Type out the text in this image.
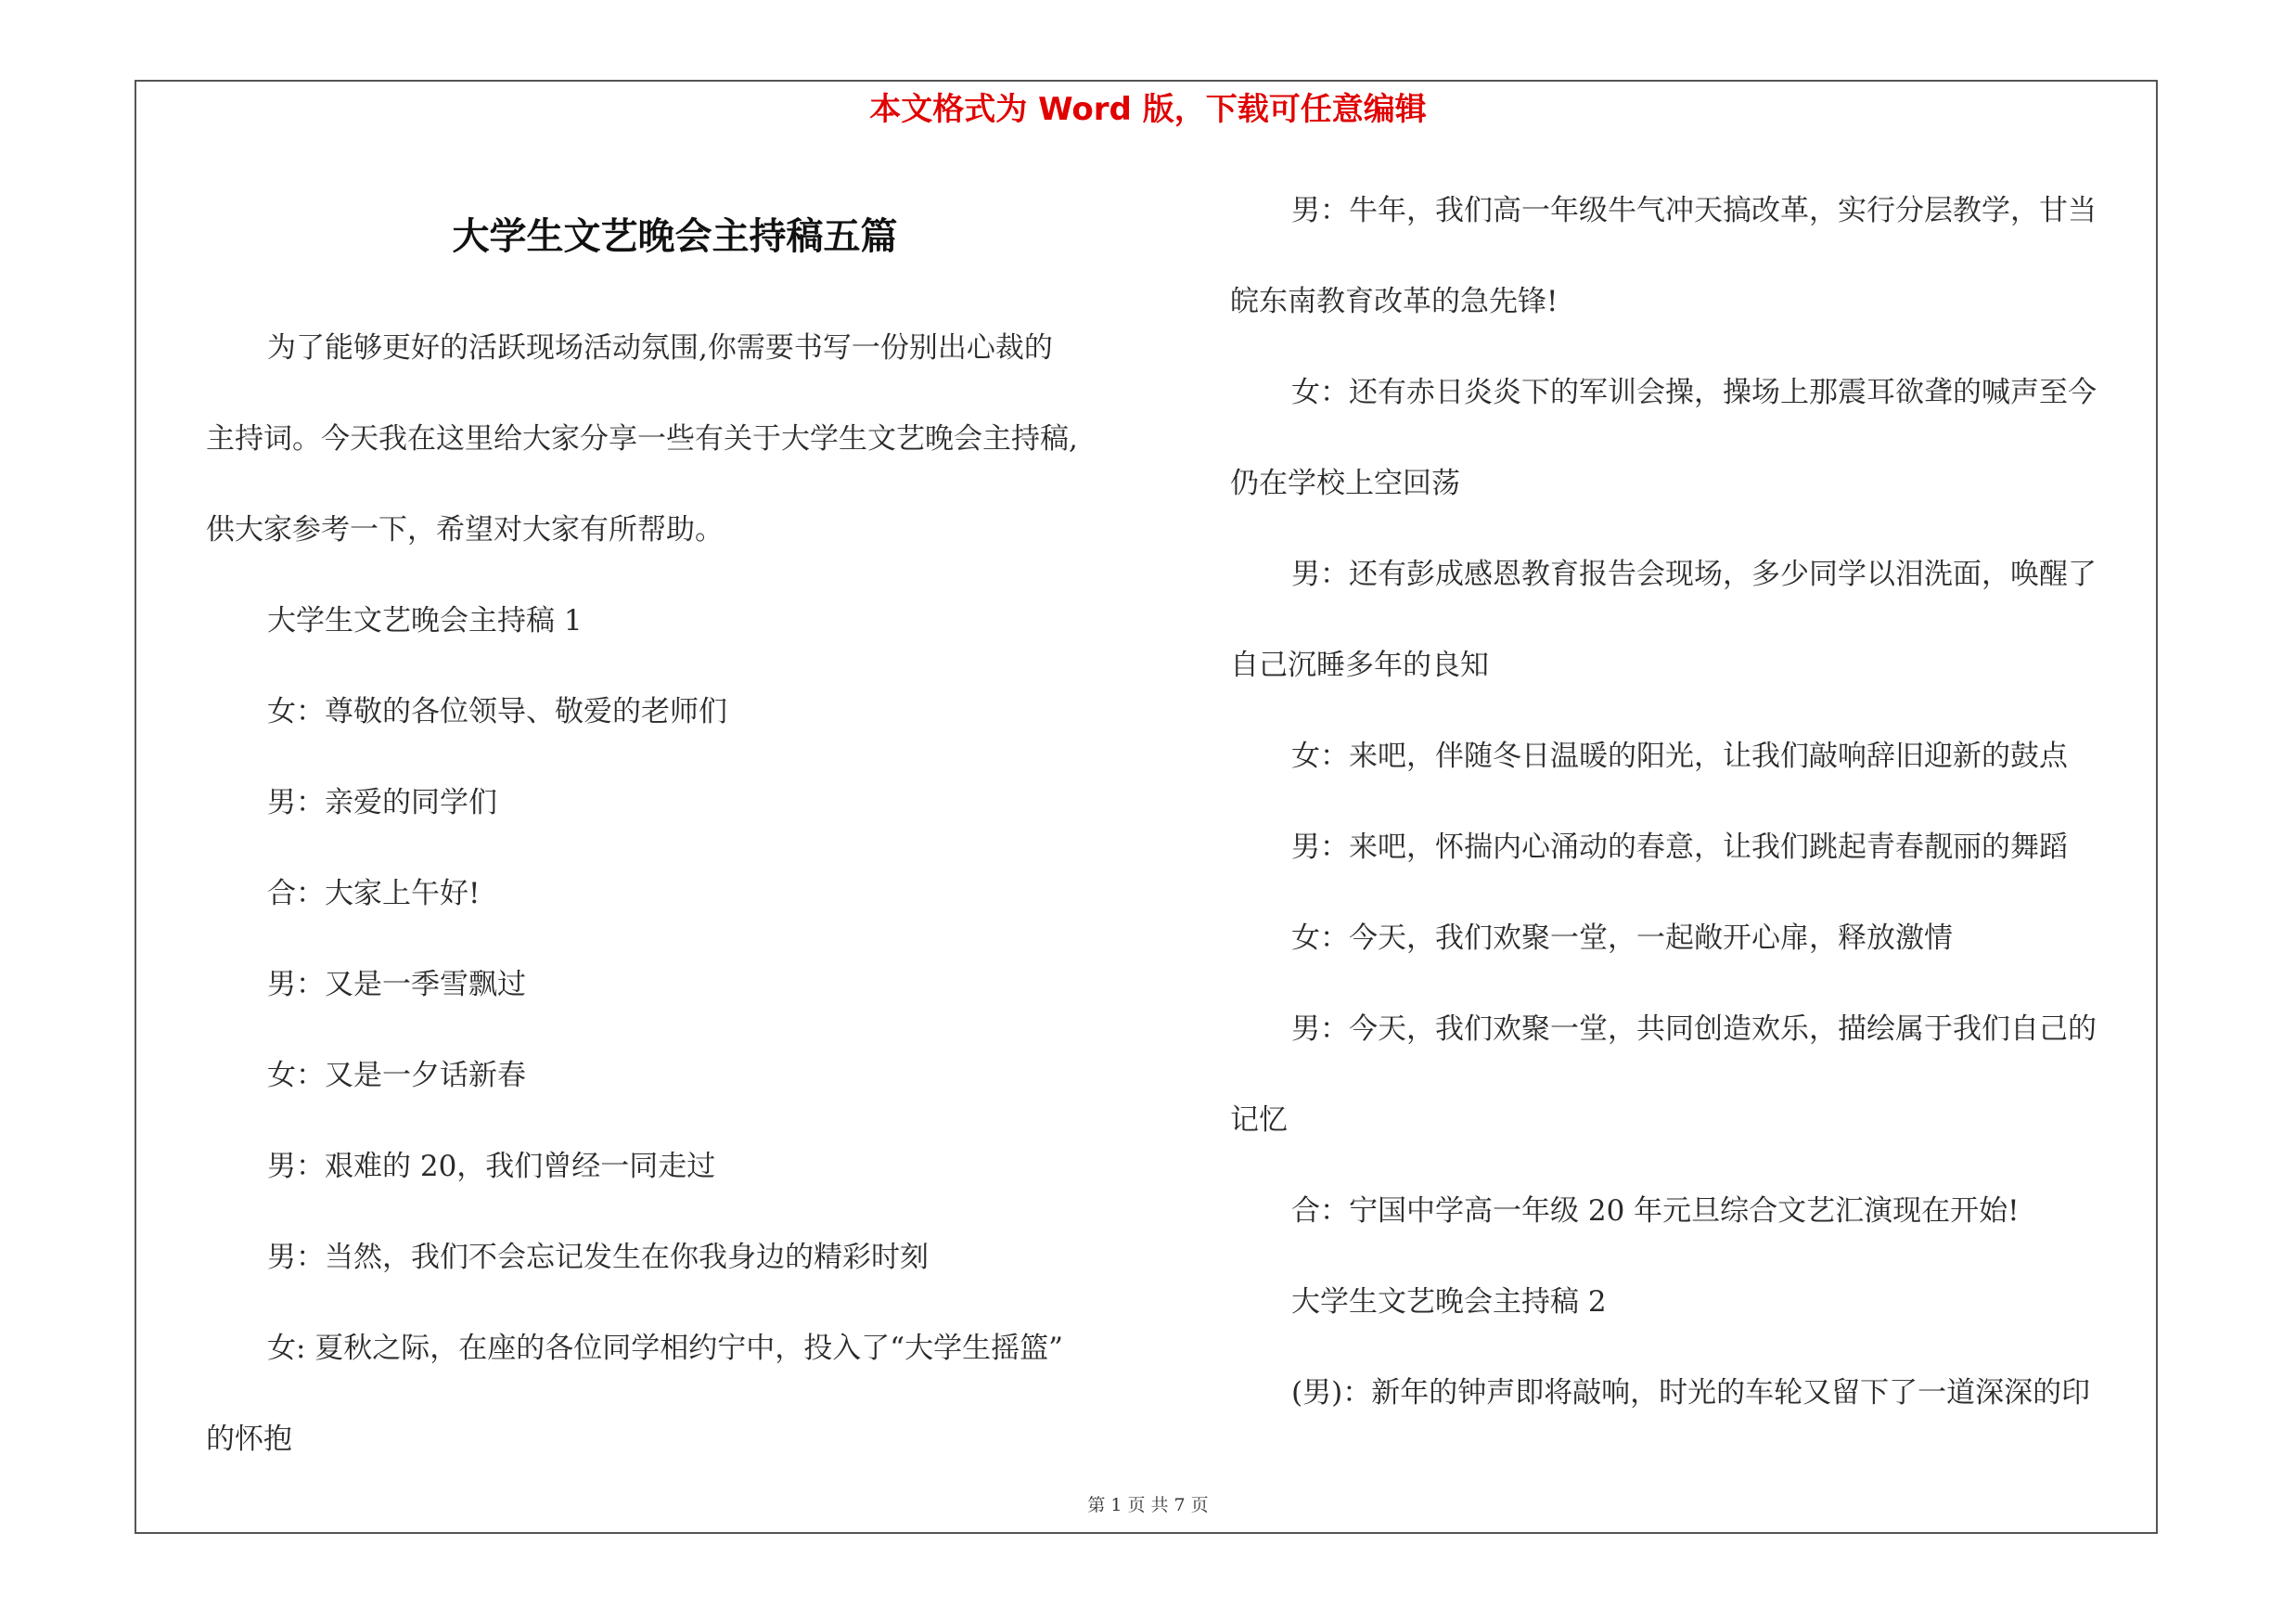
本文格式为 Word 版，下载可任意编辑
大学生文艺晚会主持稿五篇
为了能够更好的活跃现场活动氛围,你需要书写一份别出心裁的
主持词。今天我在这里给大家分享一些有关于大学生文艺晚会主持稿,
供大家参考一下，希望对大家有所帮助。
大学生文艺晚会主持稿 1
女：尊敬的各位领导、敬爱的老师们
男：亲爱的同学们
合：大家上午好!
男：又是一季雪飘过
女：又是一夕话新春
男：艰难的 20，我们曾经一同走过
男：当然，我们不会忘记发生在你我身边的精彩时刻
女: 夏秋之际，在座的各位同学相约宁中，投入了“大学生摇篮”
的怀抱
男：牛年，我们高一年级牛气冲天搞改革，实行分层教学，甘当
皖东南教育改革的急先锋!
女：还有赤日炎炎下的军训会操，操场上那震耳欲聋的喊声至今
仍在学校上空回荡
男：还有彭成感恩教育报告会现场，多少同学以泪洗面，唤醒了
自己沉睡多年的良知
女：来吧，伴随冬日温暖的阳光，让我们敲响辞旧迎新的鼓点
男：来吧，怀揣内心涌动的春意，让我们跳起青春靓丽的舞蹈
女：今天，我们欢聚一堂，一起敞开心扉，释放激情
男：今天，我们欢聚一堂，共同创造欢乐，描绘属于我们自己的
记忆
合：宁国中学高一年级 20 年元旦综合文艺汇演现在开始!
大学生文艺晚会主持稿 2
(男)：新年的钟声即将敲响，时光的车轮又留下了一道深深的印
第 1 页 共 7 页
